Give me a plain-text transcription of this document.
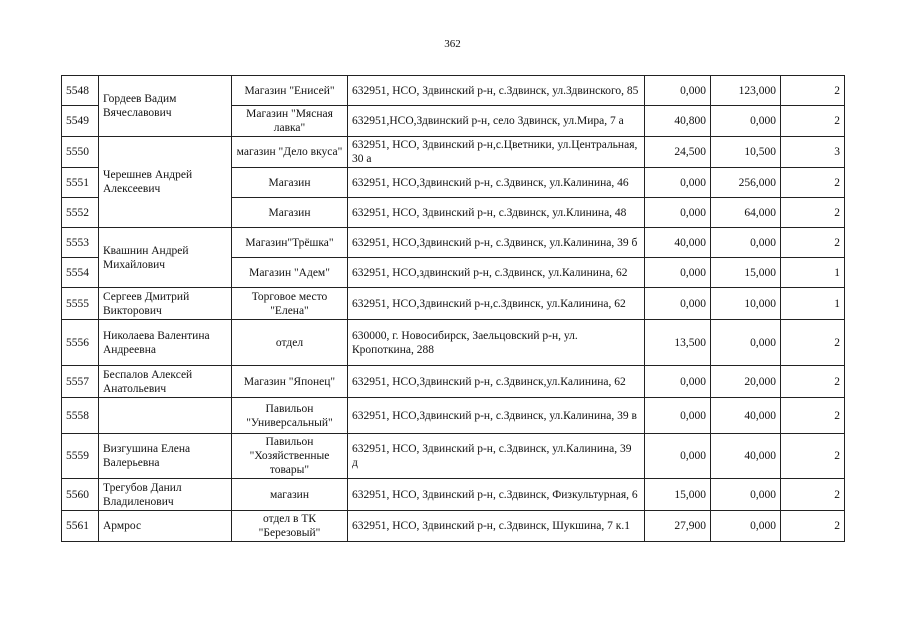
362
5548	Гордеев Вадим Вячеславович	Магазин "Енисей"	632951, НСО, Здвинский р-н, с.Здвинск, ул.Здвинского, 85	0,000	123,000	2
5549		Магазин "Мясная лавка"	632951,НСО,Здвинский р-н, село Здвинск, ул.Мира, 7 а	40,800	0,000	2
5550	Черешнев Андрей Алексеевич	магазин "Дело вкуса"	632951, НСО, Здвинский р-н,с.Цветники, ул.Центральная, 30 а	24,500	10,500	3
5551		Магазин	632951, НСО,Здвинский р-н, с.Здвинск, ул.Калинина, 46	0,000	256,000	2
5552		Магазин	632951, НСО, Здвинский р-н, с.Здвинск, ул.Клинина, 48	0,000	64,000	2
5553	Квашнин Андрей Михайлович	Магазин"Трёшка"	632951, НСО,Здвинский р-н, с.Здвинск, ул.Калинина, 39 б	40,000	0,000	2
5554		Магазин "Адем"	632951, НСО,здвинский р-н, с.Здвинск, ул.Калинина, 62	0,000	15,000	1
5555	Сергеев Дмитрий Викторович	Торговое место "Елена"	632951, НСО,Здвинский р-н,с.Здвинск, ул.Калинина, 62	0,000	10,000	1
5556	Николаева Валентина Андреевна	отдел	630000, г. Новосибирск, Заельцовский р-н, ул. Кропоткина, 288	13,500	0,000	2
5557	Беспалов Алексей Анатольевич	Магазин "Японец"	632951, НСО,Здвинский р-н, с.Здвинск,ул.Калинина, 62	0,000	20,000	2
5558		Павильон "Универсальный"	632951, НСО,Здвинский р-н, с.Здвинск, ул.Калинина, 39 в	0,000	40,000	2
5559	Визгушина Елена Валерьевна	Павильон "Хозяйственные товары"	632951, НСО, Здвинский р-н, с.Здвинск, ул.Калинина, 39 д	0,000	40,000	2
5560	Трегубов Данил Владиленович	магазин	632951, НСО, Здвинский р-н, с.Здвинск, Физкультурная, 6	15,000	0,000	2
5561	Армрос	отдел в ТК "Березовый"	632951, НСО, Здвинский р-н, с.Здвинск, Шукшина, 7 к.1	27,900	0,000	2
